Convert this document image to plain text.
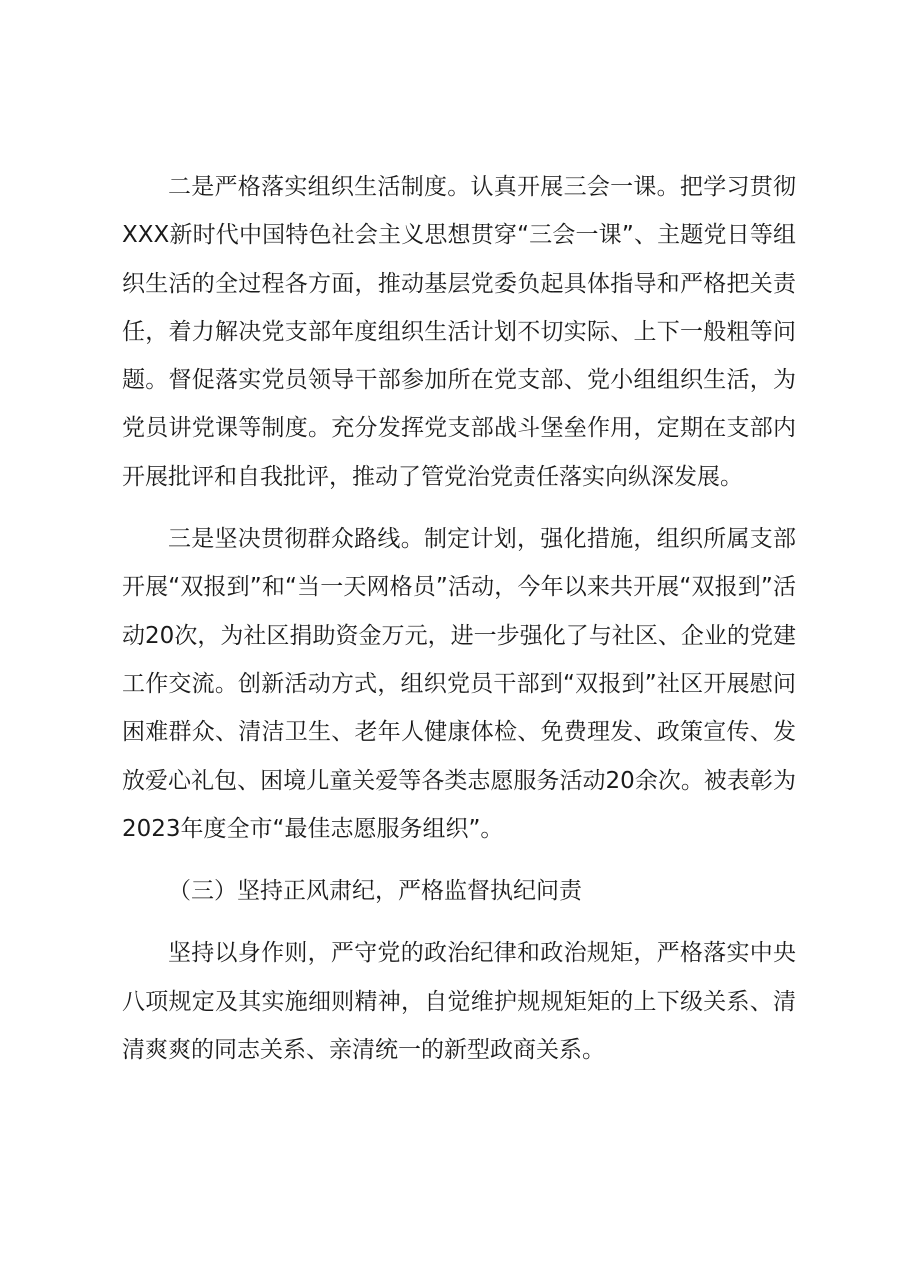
二是严格落实组织生活制度。认真开展三会一课。把学习贯彻XXX新时代中国特色社会主义思想贯穿“三会一课”、主题党日等组织生活的全过程各方面，推动基层党委负起具体指导和严格把关责任，着力解决党支部年度组织生活计划不切实际、上下一般粗等问题。督促落实党员领导干部参加所在党支部、党小组组织生活，为党员讲党课等制度。充分发挥党支部战斗堡垒作用，定期在支部内开展批评和自我批评，推动了管党治党责任落实向纵深发展。

三是坚决贯彻群众路线。制定计划，强化措施，组织所属支部开展“双报到”和“当一天网格员”活动，今年以来共开展“双报到”活动20次，为社区捐助资金万元，进一步强化了与社区、企业的党建工作交流。创新活动方式，组织党员干部到“双报到”社区开展慰问困难群众、清洁卫生、老年人健康体检、免费理发、政策宣传、发放爱心礼包、困境儿童关爱等各类志愿服务活动20余次。被表彰为2023年度全市“最佳志愿服务组织”。

（三）坚持正风肃纪，严格监督执纪问责

坚持以身作则，严守党的政治纪律和政治规矩，严格落实中央八项规定及其实施细则精神，自觉维护规规矩矩的上下级关系、清清爽爽的同志关系、亲清统一的新型政商关系。
